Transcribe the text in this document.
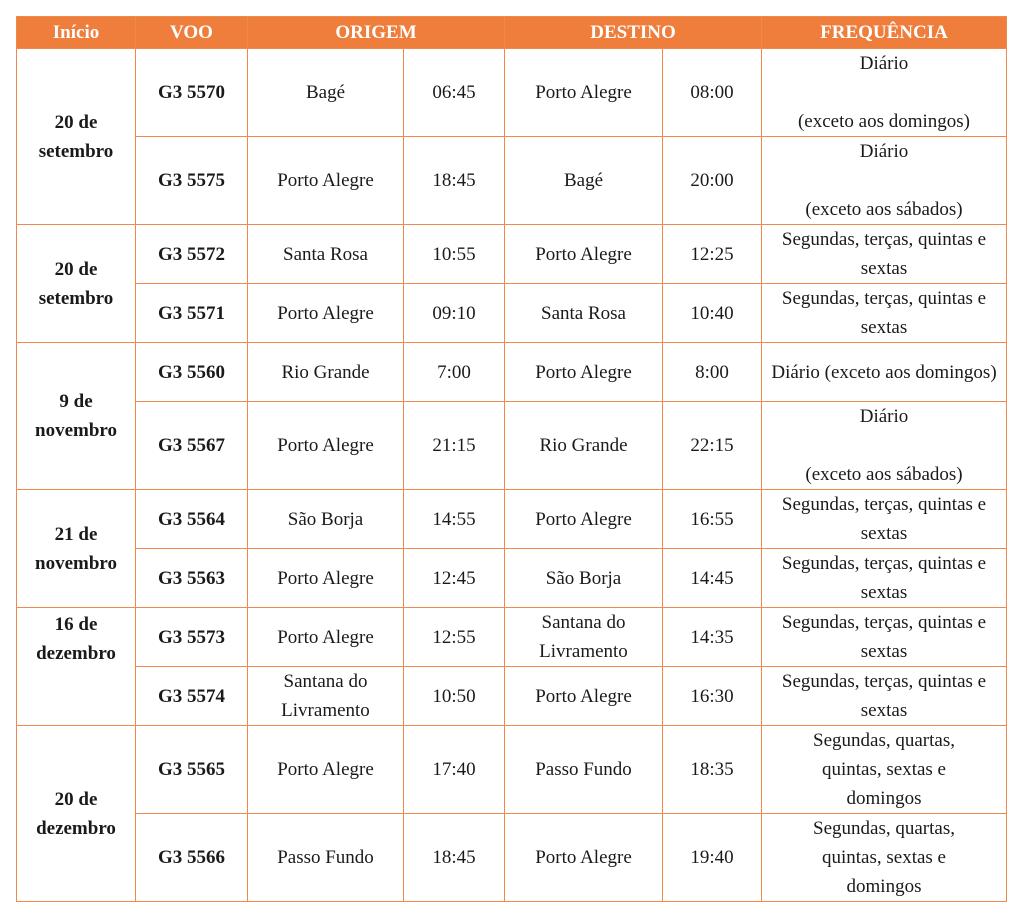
Início	VOO	ORIGEM		DESTINO		FREQUÊNCIA
20 de setembro	G3 5570	Bagé	06:45	Porto Alegre	08:00	Diário

(exceto aos domingos)
	G3 5575	Porto Alegre	18:45	Bagé	20:00	Diário

(exceto aos sábados)
20 de setembro	G3 5572	Santa Rosa	10:55	Porto Alegre	12:25	Segundas, terças, quintas e sextas
	G3 5571	Porto Alegre	09:10	Santa Rosa	10:40	Segundas, terças, quintas e sextas
9 de novembro	G3 5560	Rio Grande	7:00	Porto Alegre	8:00	Diário (exceto aos domingos)
	G3 5567	Porto Alegre	21:15	Rio Grande	22:15	Diário

(exceto aos sábados)
21 de novembro	G3 5564	São Borja	14:55	Porto Alegre	16:55	Segundas, terças, quintas e sextas
	G3 5563	Porto Alegre	12:45	São Borja	14:45	Segundas, terças, quintas e sextas
16 de dezembro	G3 5573	Porto Alegre	12:55	Santana do Livramento	14:35	Segundas, terças, quintas e sextas
	G3 5574	Santana do Livramento	10:50	Porto Alegre	16:30	Segundas, terças, quintas e sextas
20 de dezembro	G3 5565	Porto Alegre	17:40	Passo Fundo	18:35	Segundas, quartas, quintas, sextas e domingos
	G3 5566	Passo Fundo	18:45	Porto Alegre	19:40	Segundas, quartas, quintas, sextas e domingos
